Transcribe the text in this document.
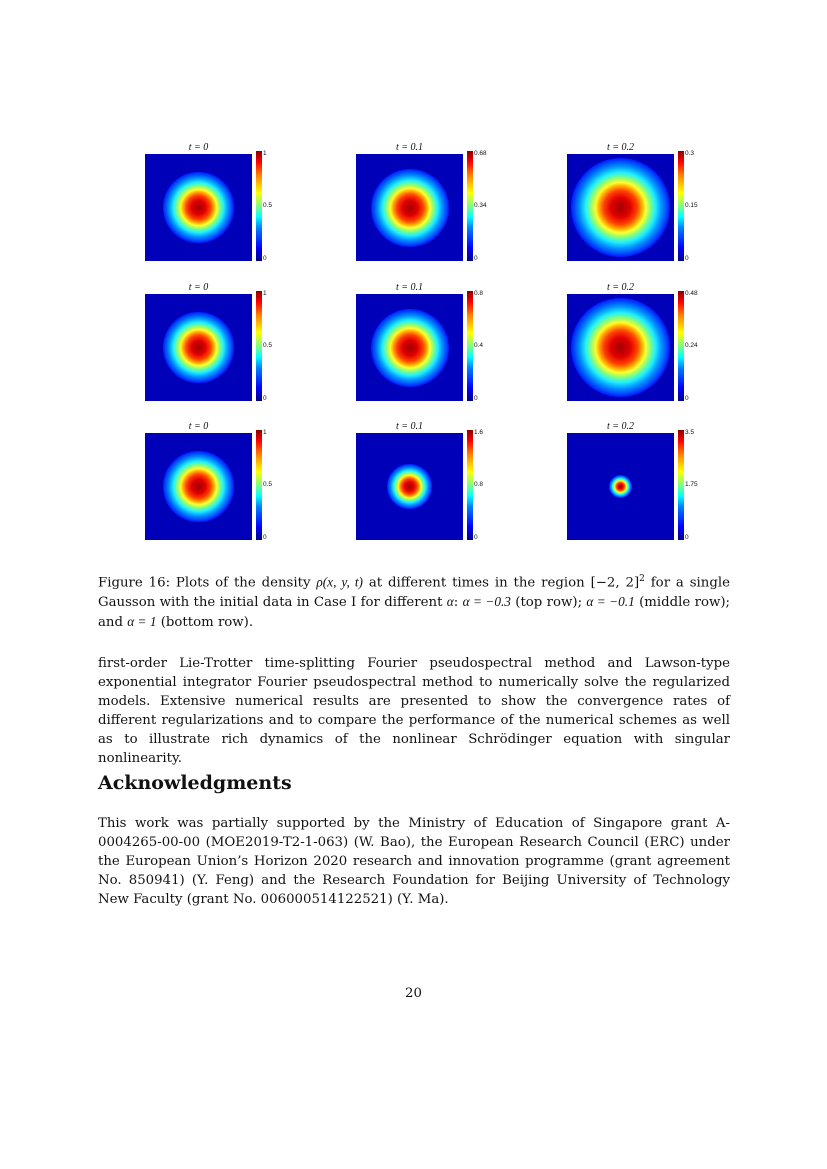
t = 0
1
0.5
0
t = 0.1
0.68
0.34
0
t = 0.2
0.3
0.15
0
t = 0
1
0.5
0
t = 0.1
0.8
0.4
0
t = 0.2
0.48
0.24
0
t = 0
1
0.5
0
t = 0.1
1.6
0.8
0
t = 0.2
3.5
1.75
0
Figure 16: Plots of the density ρ(x, y, t) at different times in the region [−2, 2]$^2$ for a single Gausson with the initial data in Case I for different α: α = −0.3 (top row); α = −0.1 (middle row); and α = 1 (bottom row).
first-order Lie-Trotter time-splitting Fourier pseudospectral method and Lawson-type exponential integrator Fourier pseudospectral method to numerically solve the regularized models. Extensive numerical results are presented to show the convergence rates of different regularizations and to compare the performance of the numerical schemes as well as to illustrate rich dynamics of the nonlinear Schrödinger equation with singular nonlinearity.
Acknowledgments
This work was partially supported by the Ministry of Education of Singapore grant A-0004265-00-00 (MOE2019-T2-1-063) (W. Bao), the European Research Council (ERC) under the European Union’s Horizon 2020 research and innovation programme (grant agreement No. 850941) (Y. Feng) and the Research Foundation for Beijing University of Technology New Faculty (grant No. 006000514122521) (Y. Ma).
20
